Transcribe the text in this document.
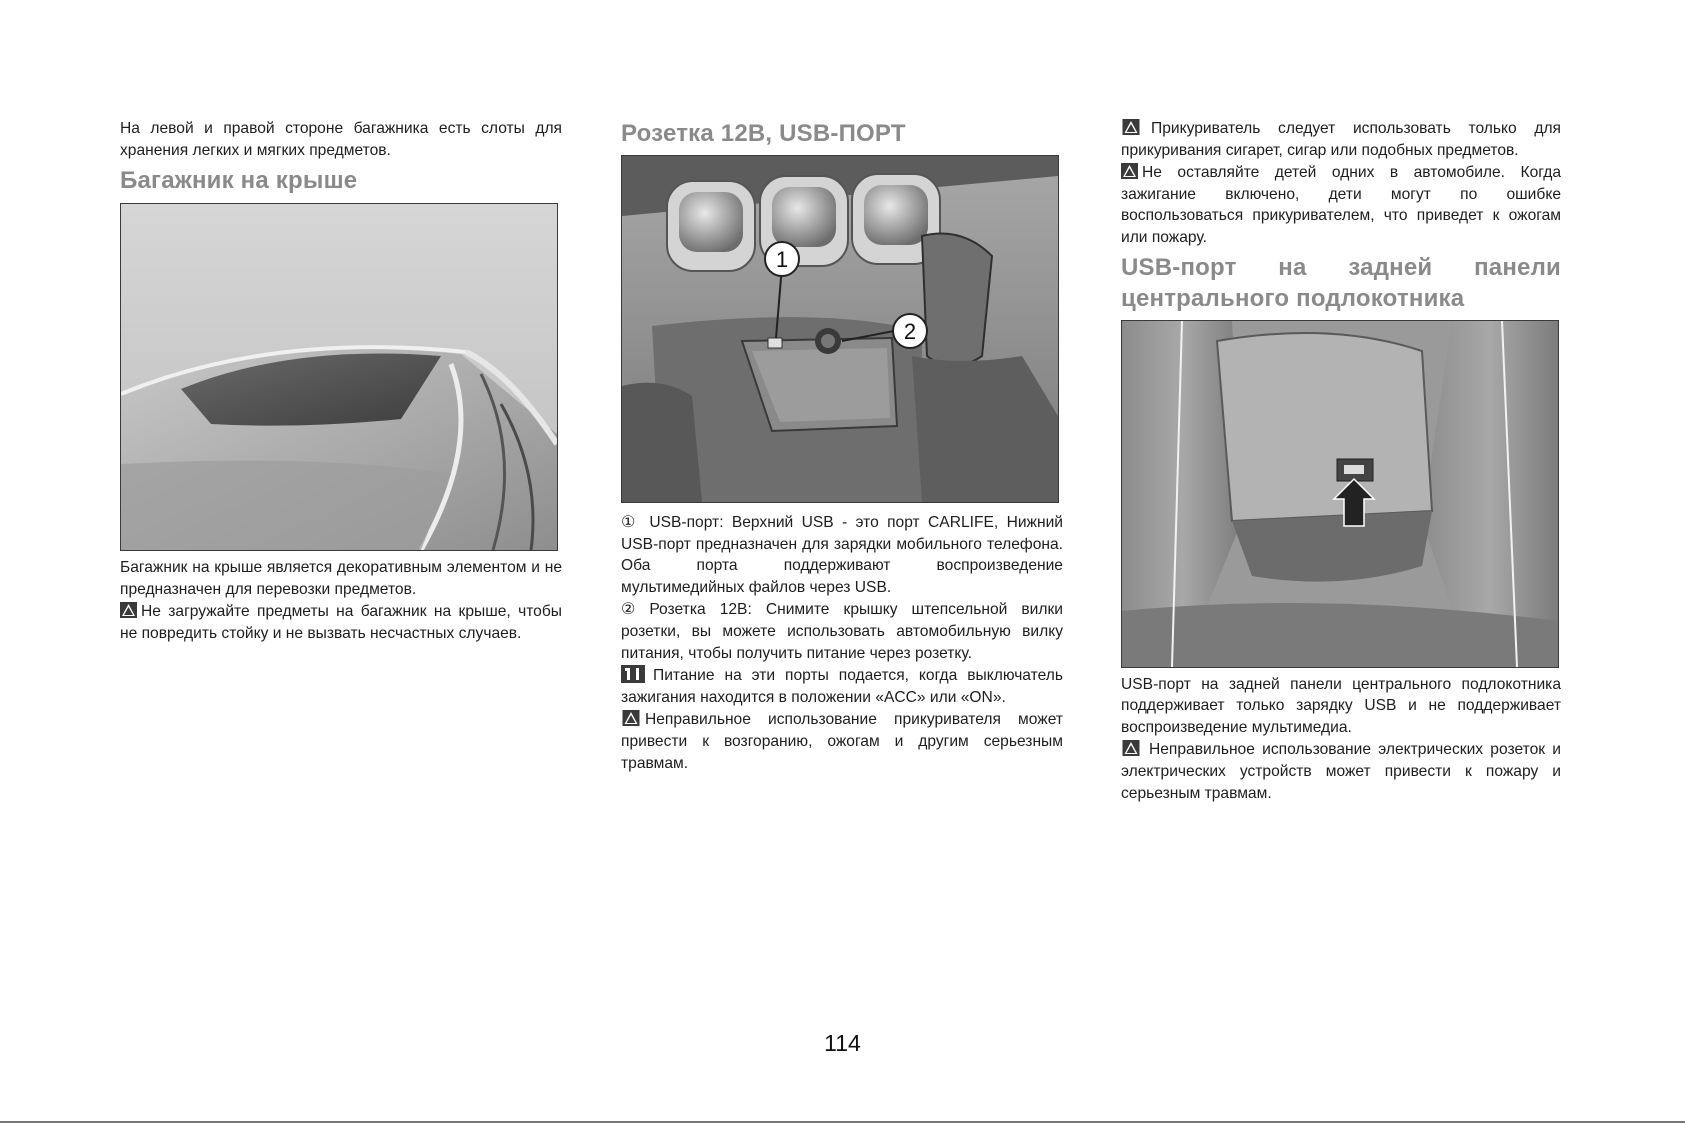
На левой и правой стороне багажника есть слоты для хранения легких и мягких предметов.

Багажник на крыше

Багажник на крыше является декоративным элементом и не предназначен для перевозки предметов.

Не загружайте предметы на багажник на крыше, чтобы не повредить стойку и не вызвать несчастных случаев.

Розетка 12В, USB-ПОРТ
1
2

① USB-порт: Верхний USB - это порт CARLIFE, Нижний USB-порт предназначен для зарядки мобильного телефона. Оба порта поддерживают воспроизведение мультимедийных файлов через USB.

② Розетка 12В: Снимите крышку штепсельной вилки розетки, вы можете использовать автомобильную вилку питания, чтобы получить питание через розетку.

Питание на эти порты подается, когда выключатель зажигания находится в положении «ACC» или «ON».

Неправильное использование прикуривателя может привести к возгоранию, ожогам и другим серьезным травмам.

Прикуриватель следует использовать только для прикуривания сигарет, сигар или подобных предметов.

Не оставляйте детей одних в автомобиле. Когда зажигание включено, дети могут по ошибке воспользоваться прикуривателем, что приведет к ожогам или пожару.

USB-порт на задней панели центрального подлокотника

USB-порт на задней панели центрального подлокотника поддерживает только зарядку USB и не поддерживает воспроизведение мультимедиа.

Неправильное использование электрических розеток и электрических устройств может привести к пожару и серьезным травмам.

114
